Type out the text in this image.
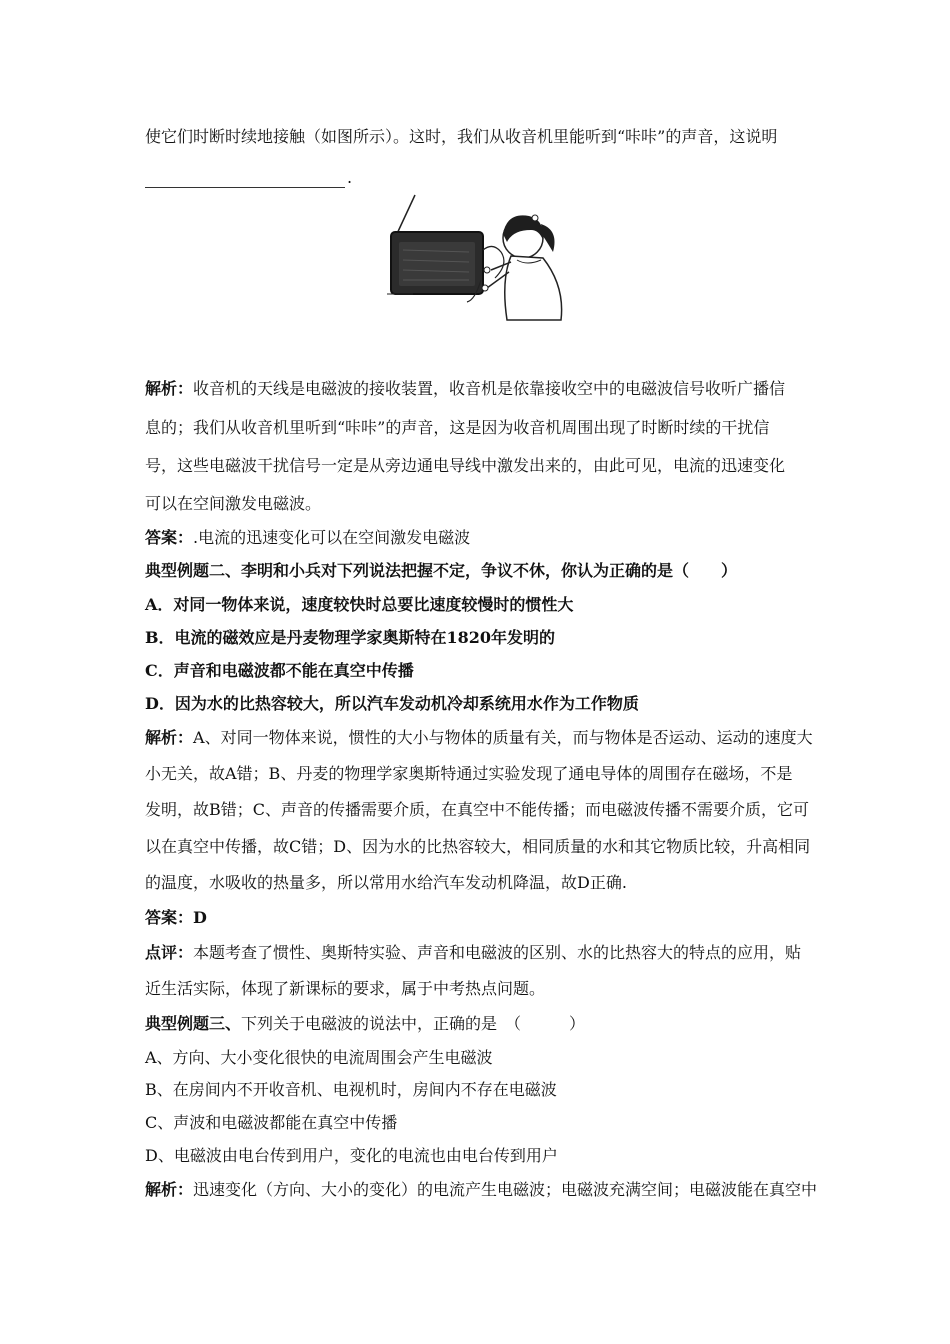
使它们时断时续地接触（如图所示）。这时，我们从收音机里能听到“咔咔”的声音，这说明
.
解析：收音机的天线是电磁波的接收装置，收音机是依靠接收空中的电磁波信号收听广播信
息的；我们从收音机里听到“咔咔”的声音，这是因为收音机周围出现了时断时续的干扰信
号，这些电磁波干扰信号一定是从旁边通电导线中激发出来的，由此可见，电流的迅速变化
可以在空间激发电磁波。
答案：.电流的迅速变化可以在空间激发电磁波
典型例题二、李明和小兵对下列说法把握不定，争议不休，你认为正确的是（　　）
A．对同一物体来说，速度较快时总要比速度较慢时的惯性大
B．电流的磁效应是丹麦物理学家奥斯特在1820年发明的
C．声音和电磁波都不能在真空中传播
D．因为水的比热容较大，所以汽车发动机冷却系统用水作为工作物质
解析：A、对同一物体来说，惯性的大小与物体的质量有关，而与物体是否运动、运动的速度大
小无关，故A错；B、丹麦的物理学家奥斯特通过实验发现了通电导体的周围存在磁场，不是
发明，故B错；C、声音的传播需要介质，在真空中不能传播；而电磁波传播不需要介质，它可
以在真空中传播，故C错；D、因为水的比热容较大，相同质量的水和其它物质比较，升高相同
的温度，水吸收的热量多，所以常用水给汽车发动机降温，故D正确.
答案：D
点评：本题考查了惯性、奥斯特实验、声音和电磁波的区别、水的比热容大的特点的应用，贴
近生活实际，体现了新课标的要求，属于中考热点问题。
典型例题三、下列关于电磁波的说法中，正确的是　（　　　）
A、方向、大小变化很快的电流周围会产生电磁波
B、在房间内不开收音机、电视机时，房间内不存在电磁波
C、声波和电磁波都能在真空中传播
D、电磁波由电台传到用户，变化的电流也由电台传到用户
解析：迅速变化（方向、大小的变化）的电流产生电磁波；电磁波充满空间；电磁波能在真空中
